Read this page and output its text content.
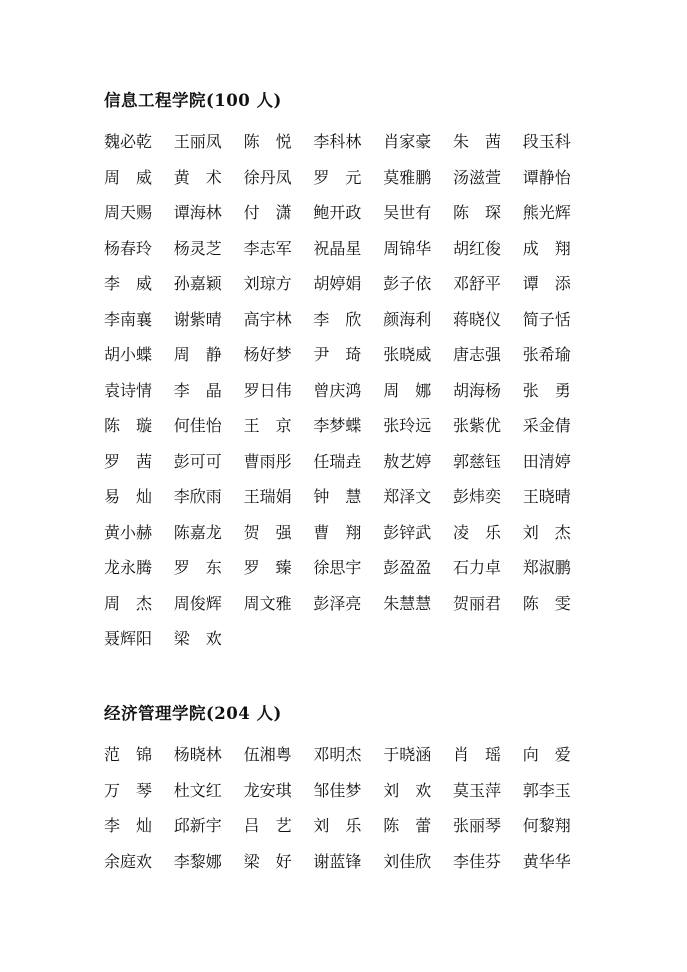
信息工程学院(100 人)
魏必乾	王丽凤	陈　悦	李科林	肖家豪	朱　茜	段玉科
周　威	黄　术	徐丹凤	罗　元	莫雅鹏	汤滋萱	谭静怡
周天赐	谭海林	付　潇	鲍开政	吴世有	陈　琛	熊光辉
杨春玲	杨灵芝	李志军	祝晶星	周锦华	胡红俊	成　翔
李　威	孙嘉颖	刘琼方	胡婷娟	彭子依	邓舒平	谭　添
李南襄	谢紫晴	高宇林	李　欣	颜海利	蒋晓仪	简子恬
胡小蝶	周　静	杨好梦	尹　琦	张晓威	唐志强	张希瑜
袁诗情	李　晶	罗日伟	曾庆鸿	周　娜	胡海杨	张　勇
陈　璇	何佳怡	王　京	李梦蝶	张玲远	张紫优	采金倩
罗　茜	彭可可	曹雨彤	任瑞垚	敖艺婷	郭慈钰	田清婷
易　灿	李欣雨	王瑞娟	钟　慧	郑泽文	彭炜奕	王晓晴
黄小赫	陈嘉龙	贺　强	曹　翔	彭锌武	凌　乐	刘　杰
龙永腾	罗　东	罗　臻	徐思宇	彭盈盈	石力卓	郑淑鹏
周　杰	周俊辉	周文雅	彭泽亮	朱慧慧	贺丽君	陈　雯
聂辉阳	梁　欢
经济管理学院(204 人)
范　锦	杨晓林	伍湘粤	邓明杰	于晓涵	肖　瑶	向　爱
万　琴	杜文红	龙安琪	邹佳梦	刘　欢	莫玉萍	郭李玉
李　灿	邱新宇	吕　艺	刘　乐	陈　蕾	张丽琴	何黎翔
余庭欢	李黎娜	梁　好	谢蓝锋	刘佳欣	李佳芬	黄华华
